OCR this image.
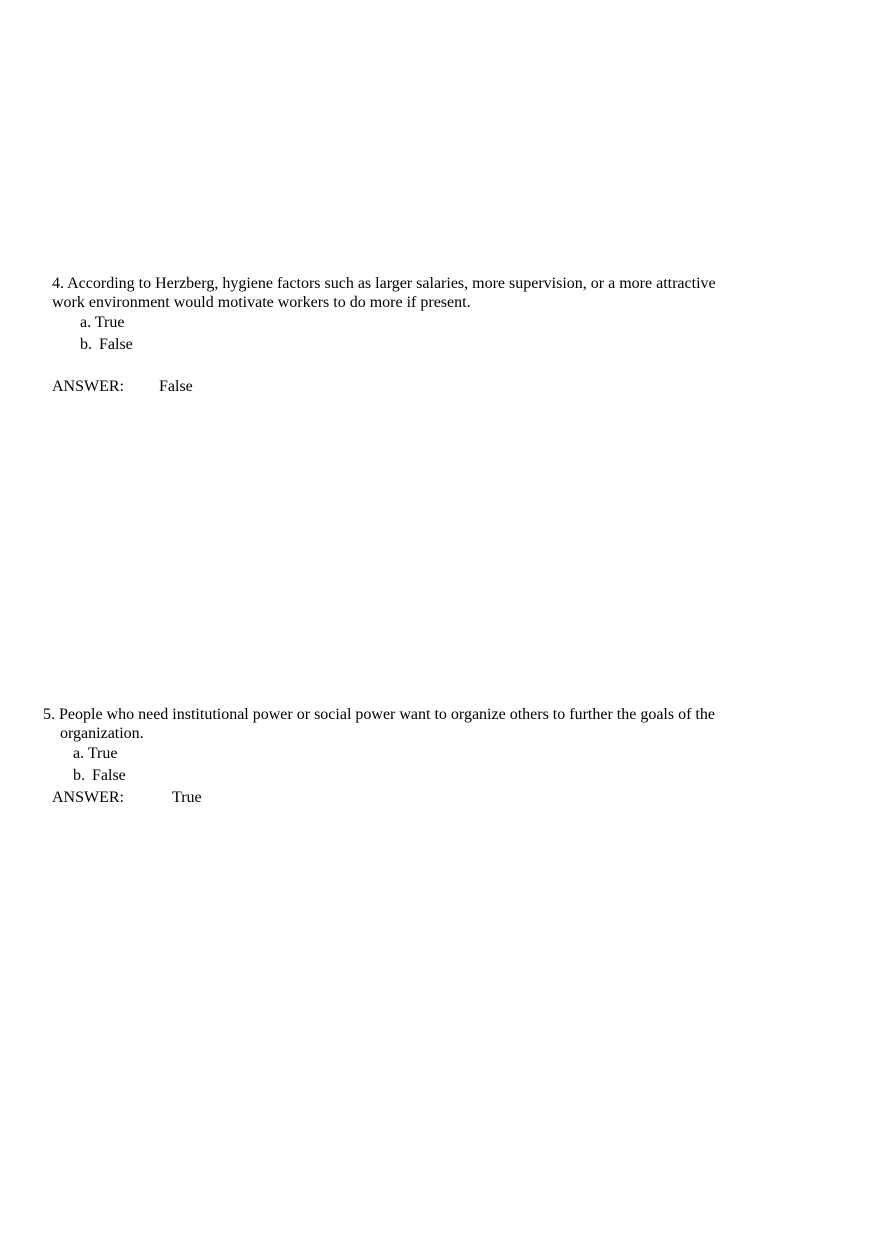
4. According to Herzberg, hygiene factors such as larger salaries, more supervision, or a more attractive
work environment would motivate workers to do more if present.
a. True
b. False
ANSWER: False
5. People who need institutional power or social power want to organize others to further the goals of the
organization.
a. True
b. False
ANSWER:	True
